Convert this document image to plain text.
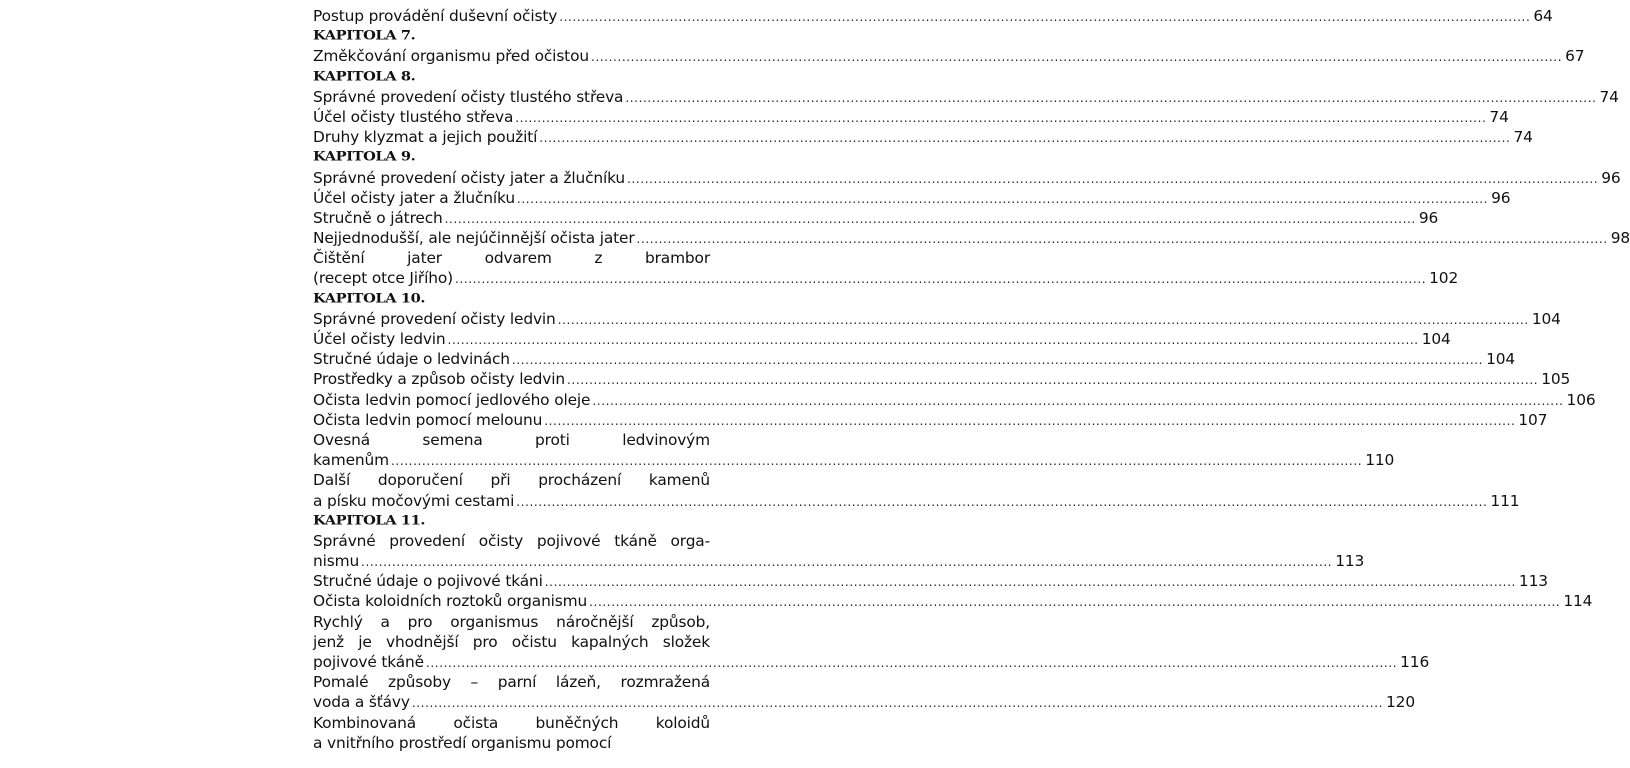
Postup provádění duševní očisty ............................................................................................................................................................................................................................ 64
KAPITOLA 7.
Změkčování organismu před očistou ............................................................................................................................................................................................................................ 67
KAPITOLA 8.
Správné provedení očisty tlustého střeva ............................................................................................................................................................................................................................ 74
Účel očisty tlustého střeva ............................................................................................................................................................................................................................ 74
Druhy klyzmat a jejich použití ............................................................................................................................................................................................................................ 74
KAPITOLA 9.
Správné provedení očisty jater a žlučníku ............................................................................................................................................................................................................................ 96
Účel očisty jater a žlučníku ............................................................................................................................................................................................................................ 96
Stručně o játrech ............................................................................................................................................................................................................................ 96
Nejjednodušší, ale nejúčinnější očista jater ............................................................................................................................................................................................................................ 98
Čištění jater odvarem z brambor
(recept otce Jiřího) ............................................................................................................................................................................................................................ 102
KAPITOLA 10.
Správné provedení očisty ledvin ............................................................................................................................................................................................................................ 104
Účel očisty ledvin ............................................................................................................................................................................................................................ 104
Stručné údaje o ledvinách ............................................................................................................................................................................................................................ 104
Prostředky a způsob očisty ledvin ............................................................................................................................................................................................................................ 105
Očista ledvin pomocí jedlového oleje ............................................................................................................................................................................................................................ 106
Očista ledvin pomocí melounu ............................................................................................................................................................................................................................ 107
Ovesná semena proti ledvinovým
kamenům ............................................................................................................................................................................................................................ 110
Další doporučení při procházení kamenů
a písku močovými cestami ............................................................................................................................................................................................................................ 111
KAPITOLA 11.
Správné provedení očisty pojivové tkáně orga-
nismu ............................................................................................................................................................................................................................ 113
Stručné údaje o pojivové tkáni ............................................................................................................................................................................................................................ 113
Očista koloidních roztoků organismu ............................................................................................................................................................................................................................ 114
Rychlý a pro organismus náročnější způsob,
jenž je vhodnější pro očistu kapalných složek
pojivové tkáně ............................................................................................................................................................................................................................ 116
Pomalé způsoby – parní lázeň, rozmražená
voda a šťávy ............................................................................................................................................................................................................................ 120
Kombinovaná očista buněčných koloidů
a vnitřního prostředí organismu pomocí
